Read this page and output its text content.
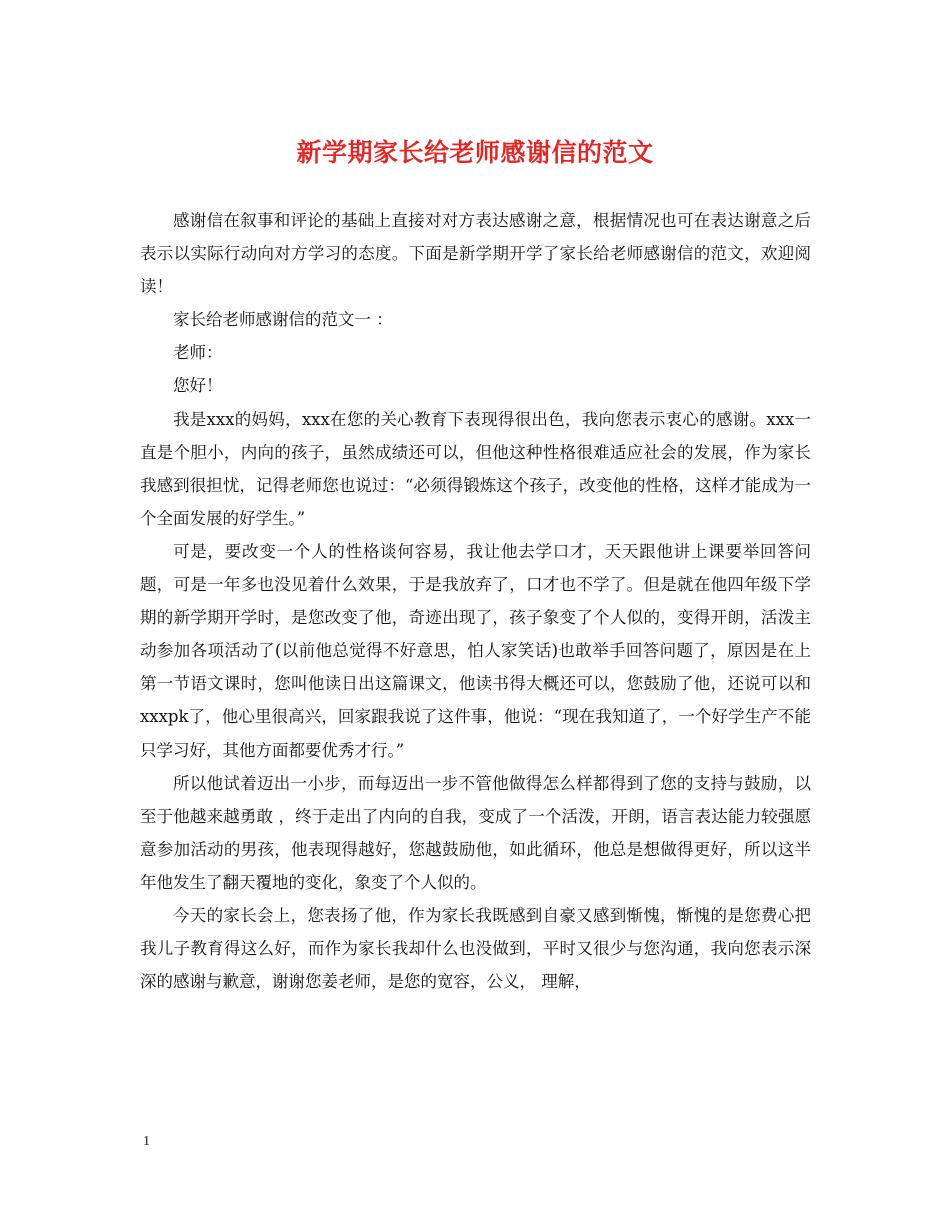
新学期家长给老师感谢信的范文

感谢信在叙事和评论的基础上直接对对方表达感谢之意，根据情况也可在表达谢意之后表示以实际行动向对方学习的态度。下面是新学期开学了家长给老师感谢信的范文，欢迎阅读！

家长给老师感谢信的范文一 ：

老师：

您好！

我是xxx的妈妈，xxx在您的关心教育下表现得很出色，我向您表示衷心的感谢。xxx一直是个胆小，内向的孩子，虽然成绩还可以，但他这种性格很难适应社会的发展，作为家长我感到很担忧，记得老师您也说过：“必须得锻炼这个孩子，改变他的性格，这样才能成为一个全面发展的好学生。”

可是，要改变一个人的性格谈何容易，我让他去学口才，天天跟他讲上课要举回答问题，可是一年多也没见着什么效果，于是我放弃了，口才也不学了。但是就在他四年级下学期的新学期开学时，是您改变了他，奇迹出现了，孩子象变了个人似的，变得开朗，活泼主动参加各项活动了(以前他总觉得不好意思，怕人家笑话)也敢举手回答问题了，原因是在上第一节语文课时，您叫他读日出这篇课文，他读书得大概还可以，您鼓励了他，还说可以和xxxpk了，他心里很高兴，回家跟我说了这件事，他说：“现在我知道了，一个好学生产不能只学习好，其他方面都要优秀才行。”

所以他试着迈出一小步，而每迈出一步不管他做得怎么样都得到了您的支持与鼓励，以至于他越来越勇敢 ，终于走出了内向的自我，变成了一个活泼，开朗，语言表达能力较强愿意参加活动的男孩，他表现得越好，您越鼓励他，如此循环，他总是想做得更好，所以这半年他发生了翻天覆地的变化，象变了个人似的。

今天的家长会上，您表扬了他，作为家长我既感到自豪又感到惭愧，惭愧的是您费心把我儿子教育得这么好，而作为家长我却什么也没做到，平时又很少与您沟通，我向您表示深深的感谢与歉意，谢谢您姜老师，是您的宽容，公义， 理解，

1
